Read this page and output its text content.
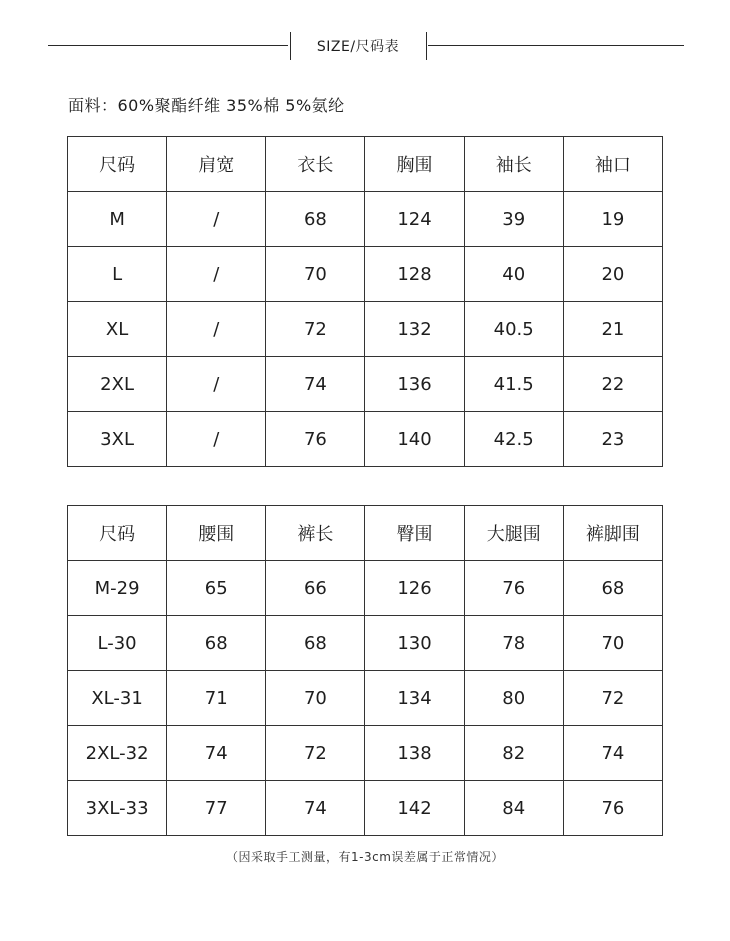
SIZE/尺码表
面料：60%聚酯纤维 35%棉 5%氨纶
尺码	肩宽	衣长	胸围	袖长	袖口
M	/	68	124	39	19
L	/	70	128	40	20
XL	/	72	132	40.5	21
2XL	/	74	136	41.5	22
3XL	/	76	140	42.5	23
尺码	腰围	裤长	臀围	大腿围	裤脚围
M-29	65	66	126	76	68
L-30	68	68	130	78	70
XL-31	71	70	134	80	72
2XL-32	74	72	138	82	74
3XL-33	77	74	142	84	76
（因采取手工测量，有1-3cm误差属于正常情况）
